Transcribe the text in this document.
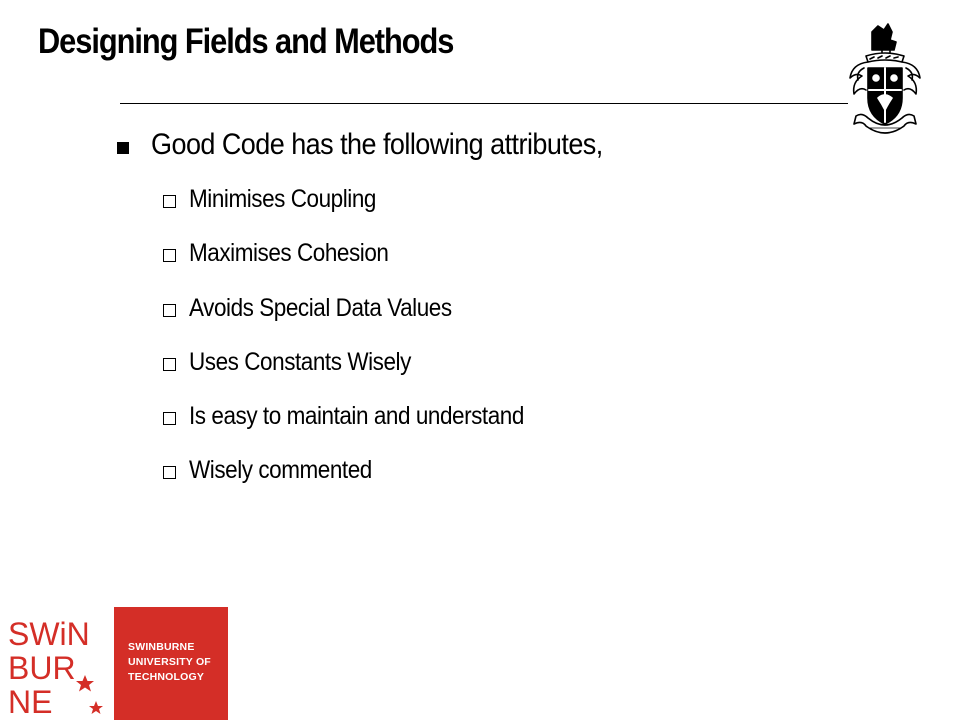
Designing Fields and Methods
Good Code has the following attributes,
Minimises Coupling
Maximises Cohesion
Avoids Special Data Values
Uses Constants Wisely
Is easy to maintain and understand
Wisely commented
SWiN
BUR
NE
SWINBURNE
UNIVERSITY OF
TECHNOLOGY
